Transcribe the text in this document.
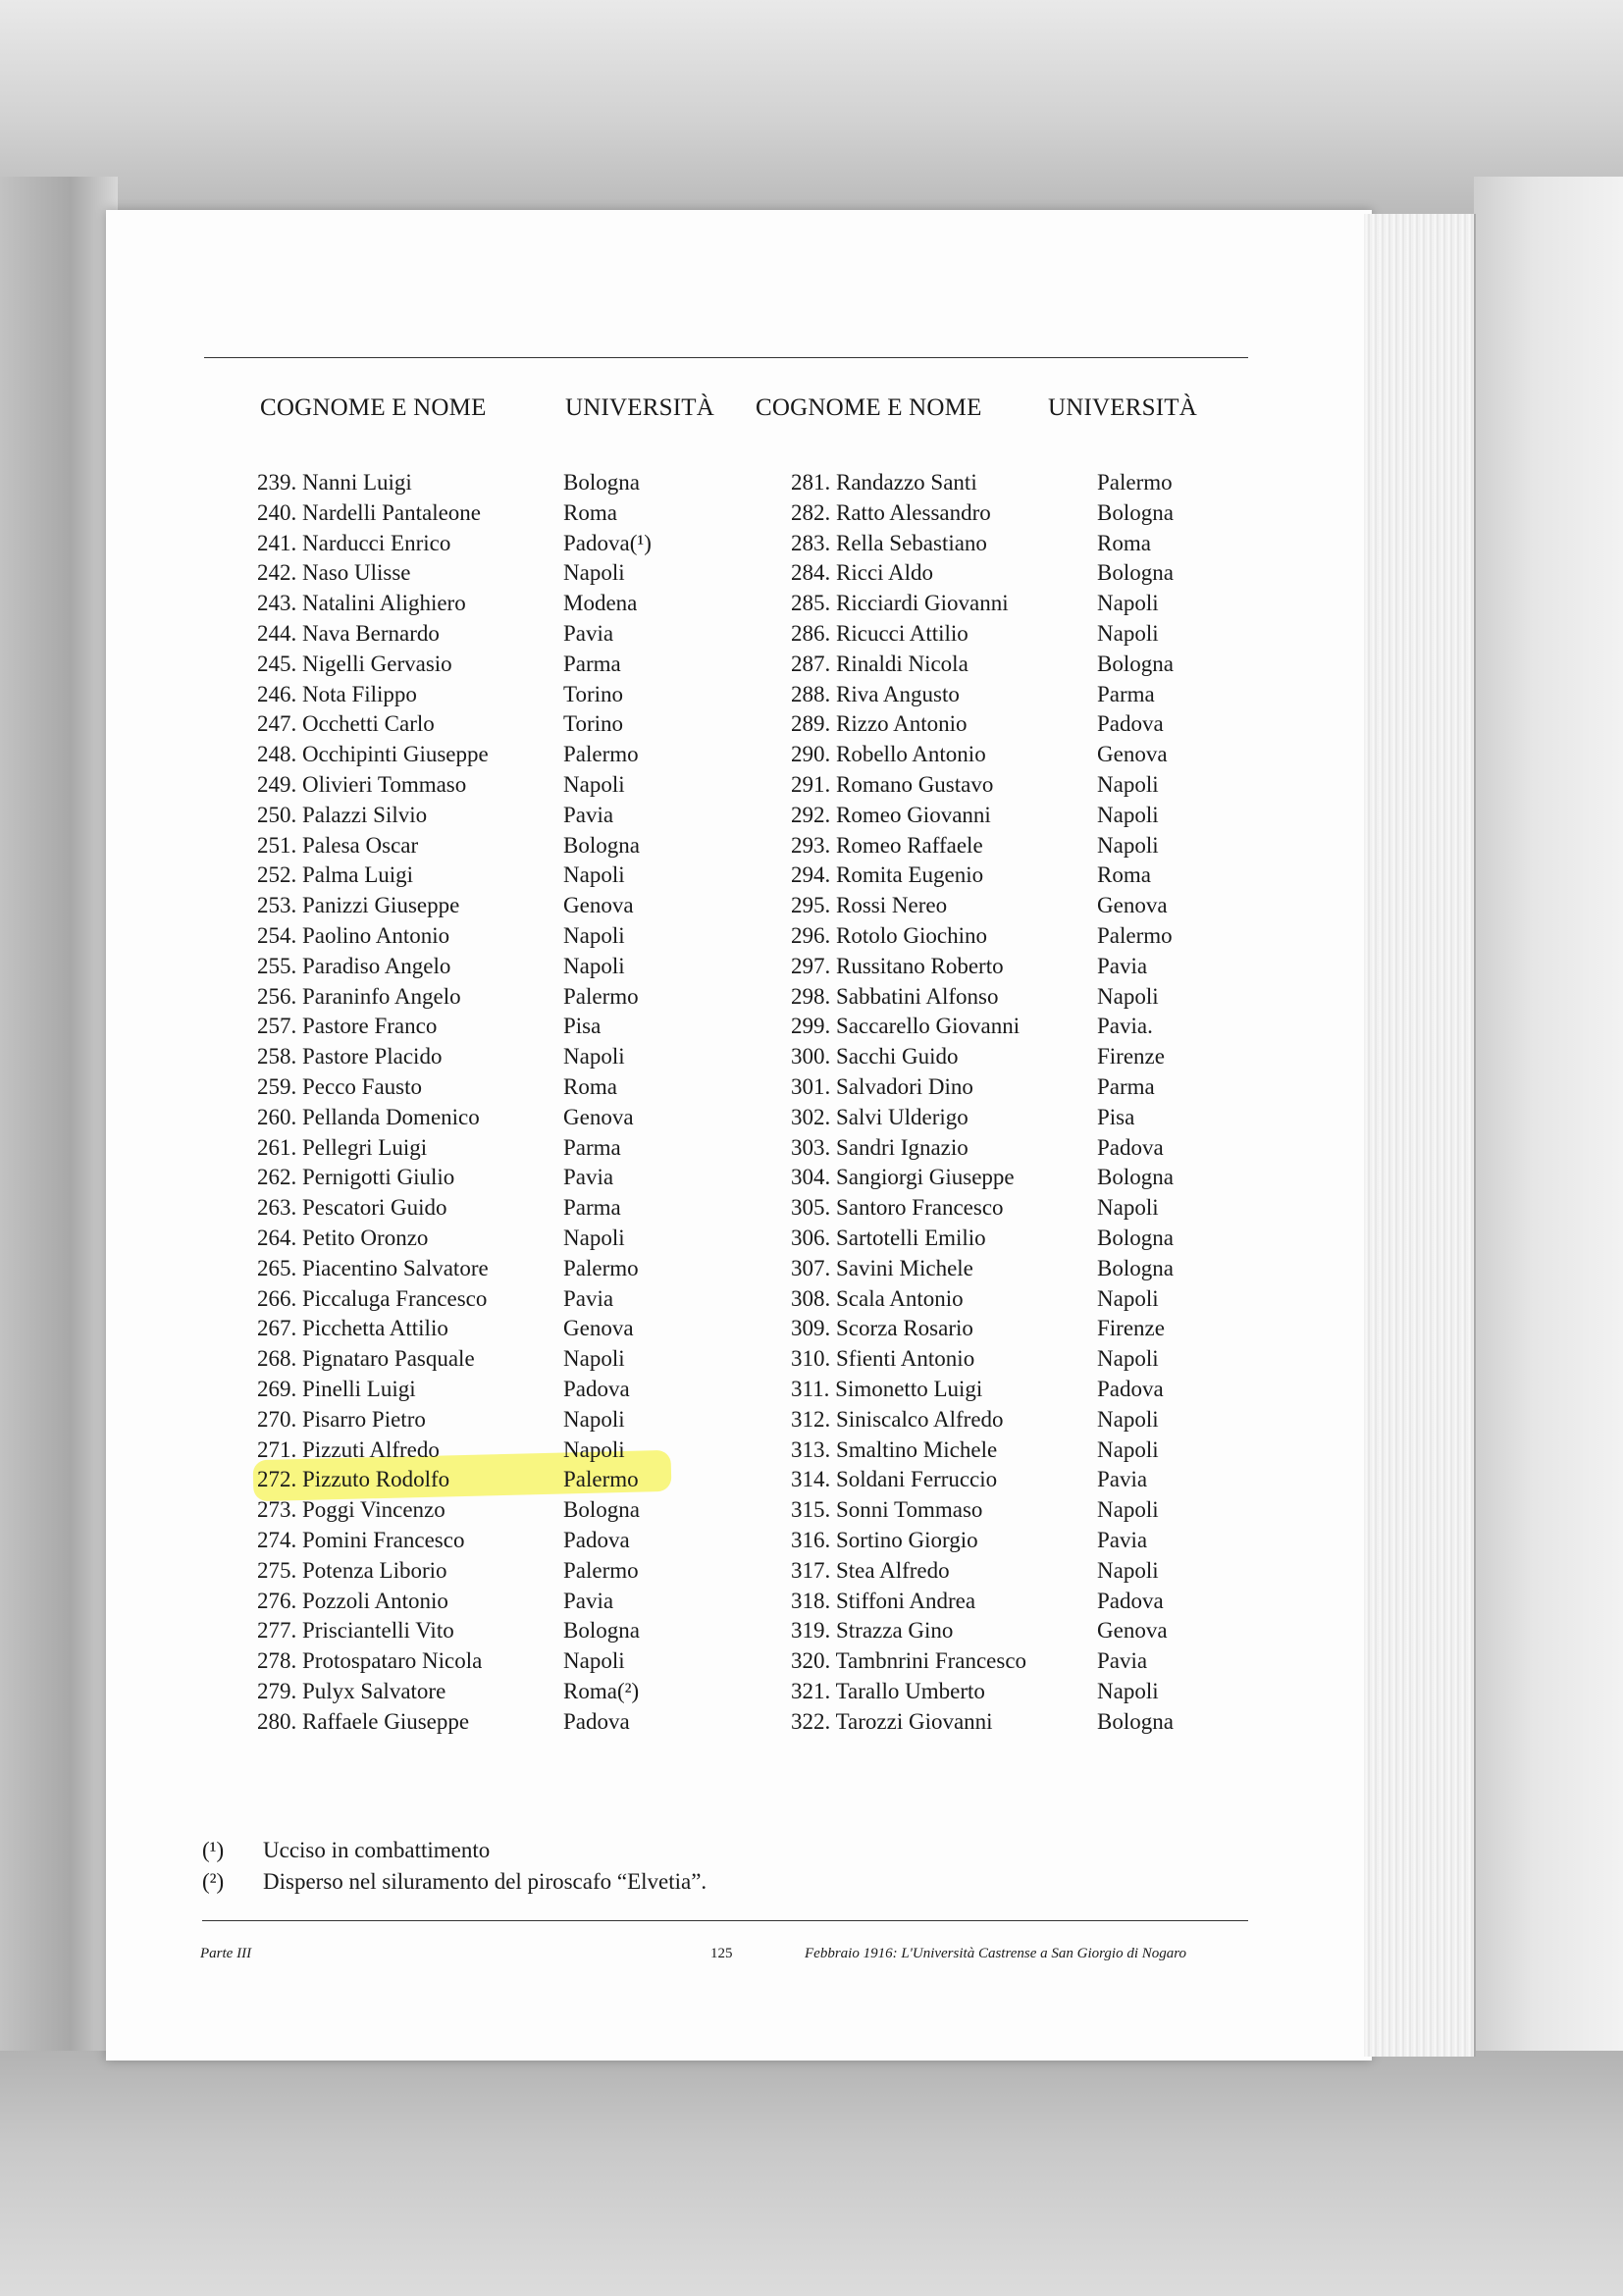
COGNOME E NOME	UNIVERSITÀ COGNOME E NOME	UNIVERSITÀ
239. Nanni Luigi	Bologna
240. Nardelli Pantaleone	Roma
241. Narducci Enrico	Padova(¹)
242. Naso Ulisse	Napoli
243. Natalini Alighiero	Modena
244. Nava Bernardo	Pavia
245. Nigelli Gervasio	Parma
246. Nota Filippo	Torino
247. Occhetti Carlo	Torino
248. Occhipinti Giuseppe	Palermo
249. Olivieri Tommaso	Napoli
250. Palazzi Silvio	Pavia
251. Palesa Oscar	Bologna
252. Palma Luigi	Napoli
253. Panizzi Giuseppe	Genova
254. Paolino Antonio	Napoli
255. Paradiso Angelo	Napoli
256. Paraninfo Angelo	Palermo
257. Pastore Franco	Pisa
258. Pastore Placido	Napoli
259. Pecco Fausto	Roma
260. Pellanda Domenico	Genova
261. Pellegri Luigi	Parma
262. Pernigotti Giulio	Pavia
263. Pescatori Guido	Parma
264. Petito Oronzo	Napoli
265. Piacentino Salvatore	Palermo
266. Piccaluga Francesco	Pavia
267. Picchetta Attilio	Genova
268. Pignataro Pasquale	Napoli
269. Pinelli Luigi	Padova
270. Pisarro Pietro	Napoli
271. Pizzuti Alfredo	Napoli
272. Pizzuto Rodolfo	Palermo
273. Poggi Vincenzo	Bologna
274. Pomini Francesco	Padova
275. Potenza Liborio	Palermo
276. Pozzoli Antonio	Pavia
277. Prisciantelli Vito	Bologna
278. Protospataro Nicola	Napoli
279. Pulyx Salvatore	Roma(²)
280. Raffaele Giuseppe	Padova
281. Randazzo Santi	Palermo
282. Ratto Alessandro	Bologna
283. Rella Sebastiano	Roma
284. Ricci Aldo	Bologna
285. Ricciardi Giovanni	Napoli
286. Ricucci Attilio	Napoli
287. Rinaldi Nicola	Bologna
288. Riva Angusto	Parma
289. Rizzo Antonio	Padova
290. Robello Antonio	Genova
291. Romano Gustavo	Napoli
292. Romeo Giovanni	Napoli
293. Romeo Raffaele	Napoli
294. Romita Eugenio	Roma
295. Rossi Nereo	Genova
296. Rotolo Giochino	Palermo
297. Russitano Roberto	Pavia
298. Sabbatini Alfonso	Napoli
299. Saccarello Giovanni	Pavia.
300. Sacchi Guido	Firenze
301. Salvadori Dino	Parma
302. Salvi Ulderigo	Pisa
303. Sandri Ignazio	Padova
304. Sangiorgi Giuseppe	Bologna
305. Santoro Francesco	Napoli
306. Sartotelli Emilio	Bologna
307. Savini Michele	Bologna
308. Scala Antonio	Napoli
309. Scorza Rosario	Firenze
310. Sfienti Antonio	Napoli
311. Simonetto Luigi	Padova
312. Siniscalco Alfredo	Napoli
313. Smaltino Michele	Napoli
314. Soldani Ferruccio	Pavia
315. Sonni Tommaso	Napoli
316. Sortino Giorgio	Pavia
317. Stea Alfredo	Napoli
318. Stiffoni Andrea	Padova
319. Strazza Gino	Genova
320. Tambnrini Francesco	Pavia
321. Tarallo Umberto	Napoli
322. Tarozzi Giovanni	Bologna
(¹) Ucciso in combattimento
(²) Disperso nel siluramento del piroscafo “Elvetia”.
Parte III	125	Febbraio 1916: L'Università Castrense a San Giorgio di Nogaro
